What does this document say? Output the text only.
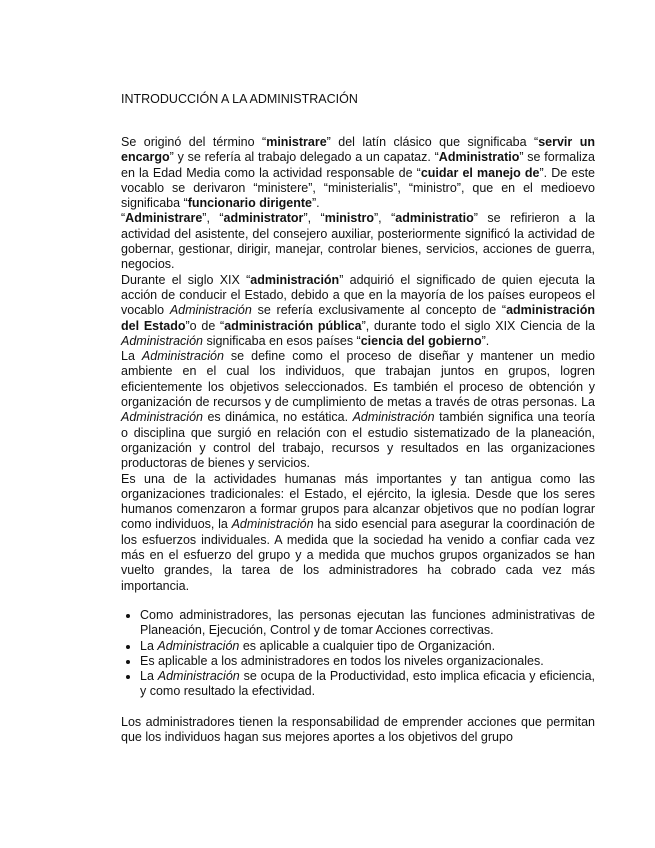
INTRODUCCIÓN A LA ADMINISTRACIÓN

Se originó del término “ministrare” del latín clásico que significaba “servir un encargo” y se refería al trabajo delegado a un capataz. “Administratio” se formaliza en la Edad Media como la actividad responsable de “cuidar el manejo de”. De este vocablo se derivaron “ministere”, “ministerialis”, “ministro”, que en el medioevo significaba “funcionario dirigente”.

“Administrare”, “administrator”, “ministro”, “administratio” se refirieron a la actividad del asistente, del consejero auxiliar, posteriormente significó la actividad de gobernar, gestionar, dirigir, manejar, controlar bienes, servicios, acciones de guerra, negocios.

Durante el siglo XIX “administración” adquirió el significado de quien ejecuta la acción de conducir el Estado, debido a que en la mayoría de los países europeos el vocablo Administración se refería exclusivamente al concepto de “administración del Estado”o de “administración pública”, durante todo el siglo XIX Ciencia de la Administración significaba en esos países “ciencia del gobierno”.

La Administración se define como el proceso de diseñar y mantener un medio ambiente en el cual los individuos, que trabajan juntos en grupos, logren eficientemente los objetivos seleccionados. Es también el proceso de obtención y organización de recursos y de cumplimiento de metas a través de otras personas. La Administración es dinámica, no estática. Administración también significa una teoría o disciplina que surgió en relación con el estudio sistematizado de la planeación, organización y control del trabajo, recursos y resultados en las organizaciones productoras de bienes y servicios.

Es una de la actividades humanas más importantes y tan antigua como las organizaciones tradicionales: el Estado, el ejército, la iglesia. Desde que los seres humanos comenzaron a formar grupos para alcanzar objetivos que no podían lograr como individuos, la Administración ha sido esencial para asegurar la coordinación de los esfuerzos individuales. A medida que la sociedad ha venido a confiar cada vez más en el esfuerzo del grupo y a medida que muchos grupos organizados se han vuelto grandes, la tarea de los administradores ha cobrado cada vez más importancia.

• Como administradores, las personas ejecutan las funciones administrativas de Planeación, Ejecución, Control y de tomar Acciones correctivas.
• La Administración es aplicable a cualquier tipo de Organización.
• Es aplicable a los administradores en todos los niveles organizacionales.
• La Administración se ocupa de la Productividad, esto implica eficacia y eficiencia, y como resultado la efectividad.

Los administradores tienen la responsabilidad de emprender acciones que permitan que los individuos hagan sus mejores aportes a los objetivos del grupo
